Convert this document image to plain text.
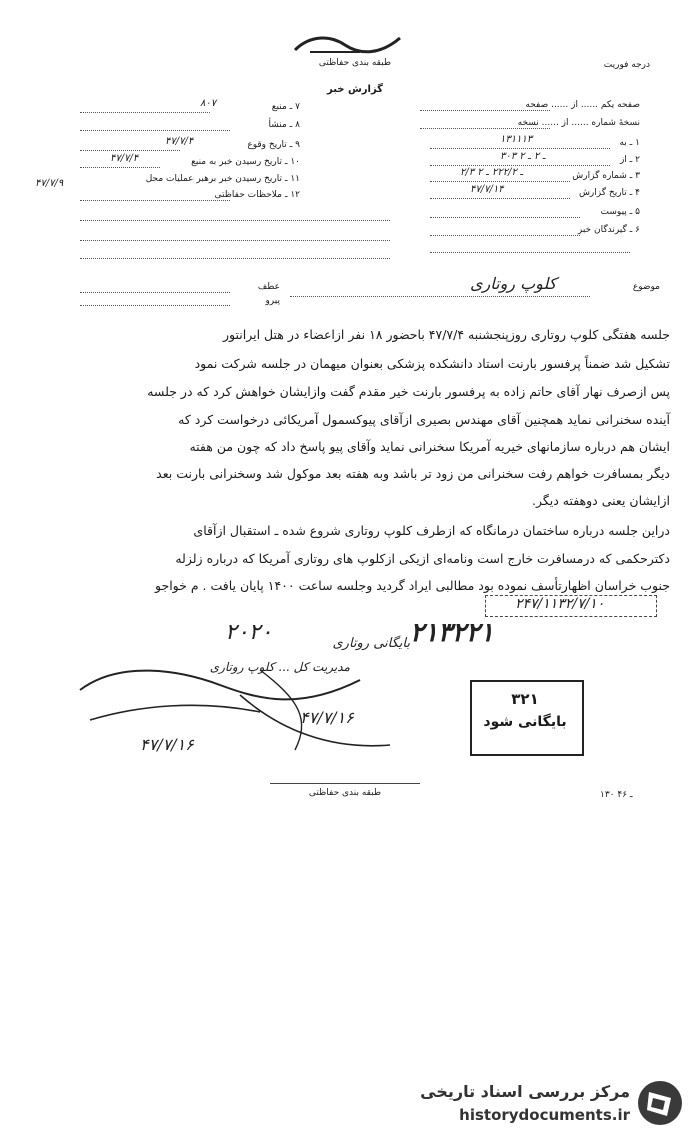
طبقه بندی حفاظتی
گزارش خبر
درجه فوریت
صفحه یکم ...... از ...... صفحه
نسخهٔ شماره ...... از ...... نسخه
۱ ـ به
۱۳۱۱۱۳
۲ ـ از
۳۰۳ ـ ۲ ـ ۲
۳ ـ شماره گزارش
۲/۳ ـ ۲۲۲/۲ ـ ۲
۴ ـ تاریخ گزارش
۴۷/۷/۱۴
۵ ـ پیوست
۶ ـ گیرندگان خبر
۷ ـ منبع
۸۰۷
۸ ـ منشأ
۹ ـ تاریخ وقوع
۴۷/۷/۴
۱۰ ـ تاریخ رسیدن خبر به منبع
۴۷/۷/۴
۱۱ ـ تاریخ رسیدن خبر برهبر عملیات محل
۴۷/۷/۹
۱۲ ـ ملاحظات حفاظتی
عطف
پیرو
موضوع
کلوپ روتاری
جلسه هفتگی کلوپ روتاری روزپنجشنبه ۴۷/۷/۴ باحضور ۱۸ نفر ازاعضاء در هتل ایرانتور
تشکیل شد ضمناً پرفسور بارنت استاد دانشکده پزشکی بعنوان میهمان در جلسه شرکت نمود
پس ازصرف نهار آقای حاتم زاده به پرفسور بارنت خیر مقدم گفت وازایشان خواهش کرد که در جلسه
آینده سخنرانی نماید همچنین آقای مهندس بصیری ازآقای پیوکسمول آمریکائی درخواست کرد که
ایشان هم درباره سازمانهای خیریه آمریکا سخنرانی نماید وآقای پیو پاسخ داد که چون من هفته
دیگر بمسافرت خواهم رفت سخنرانی من زود تر باشد وبه هفته بعد موکول شد وسخنرانی بارنت بعد
ازایشان یعنی دوهفته دیگر.
دراین جلسه درباره ساختمان درمانگاه که ازطرف کلوپ روتاری شروع شده ـ استقبال ازآقای
دکترحکمی که درمسافرت خارج است ونامه‌ای ازیکی ازکلوپ های روتاری آمریکا که درباره زلزله
جنوب خراسان اظهارتأسف نموده بود مطالبی ایراد گردید وجلسه ساعت ۱۴۰۰ پایان یافت . م خواجو
۲۴۷/۱۱۳۲/۷/۱۰
۲۱۳۲۲۱
بایگانی روتاری
مدیریت کل ... کلوپ روتاری
۲۰۲۰
۴۷/۷/۱۶
۴۷/۷/۱۶
۳۲۱
بایگانی شود
طبقه بندی حفاظتی	۱۳۰ ـ ۴۶
مرکز بررسی اسناد تاریخی
historydocuments.ir
